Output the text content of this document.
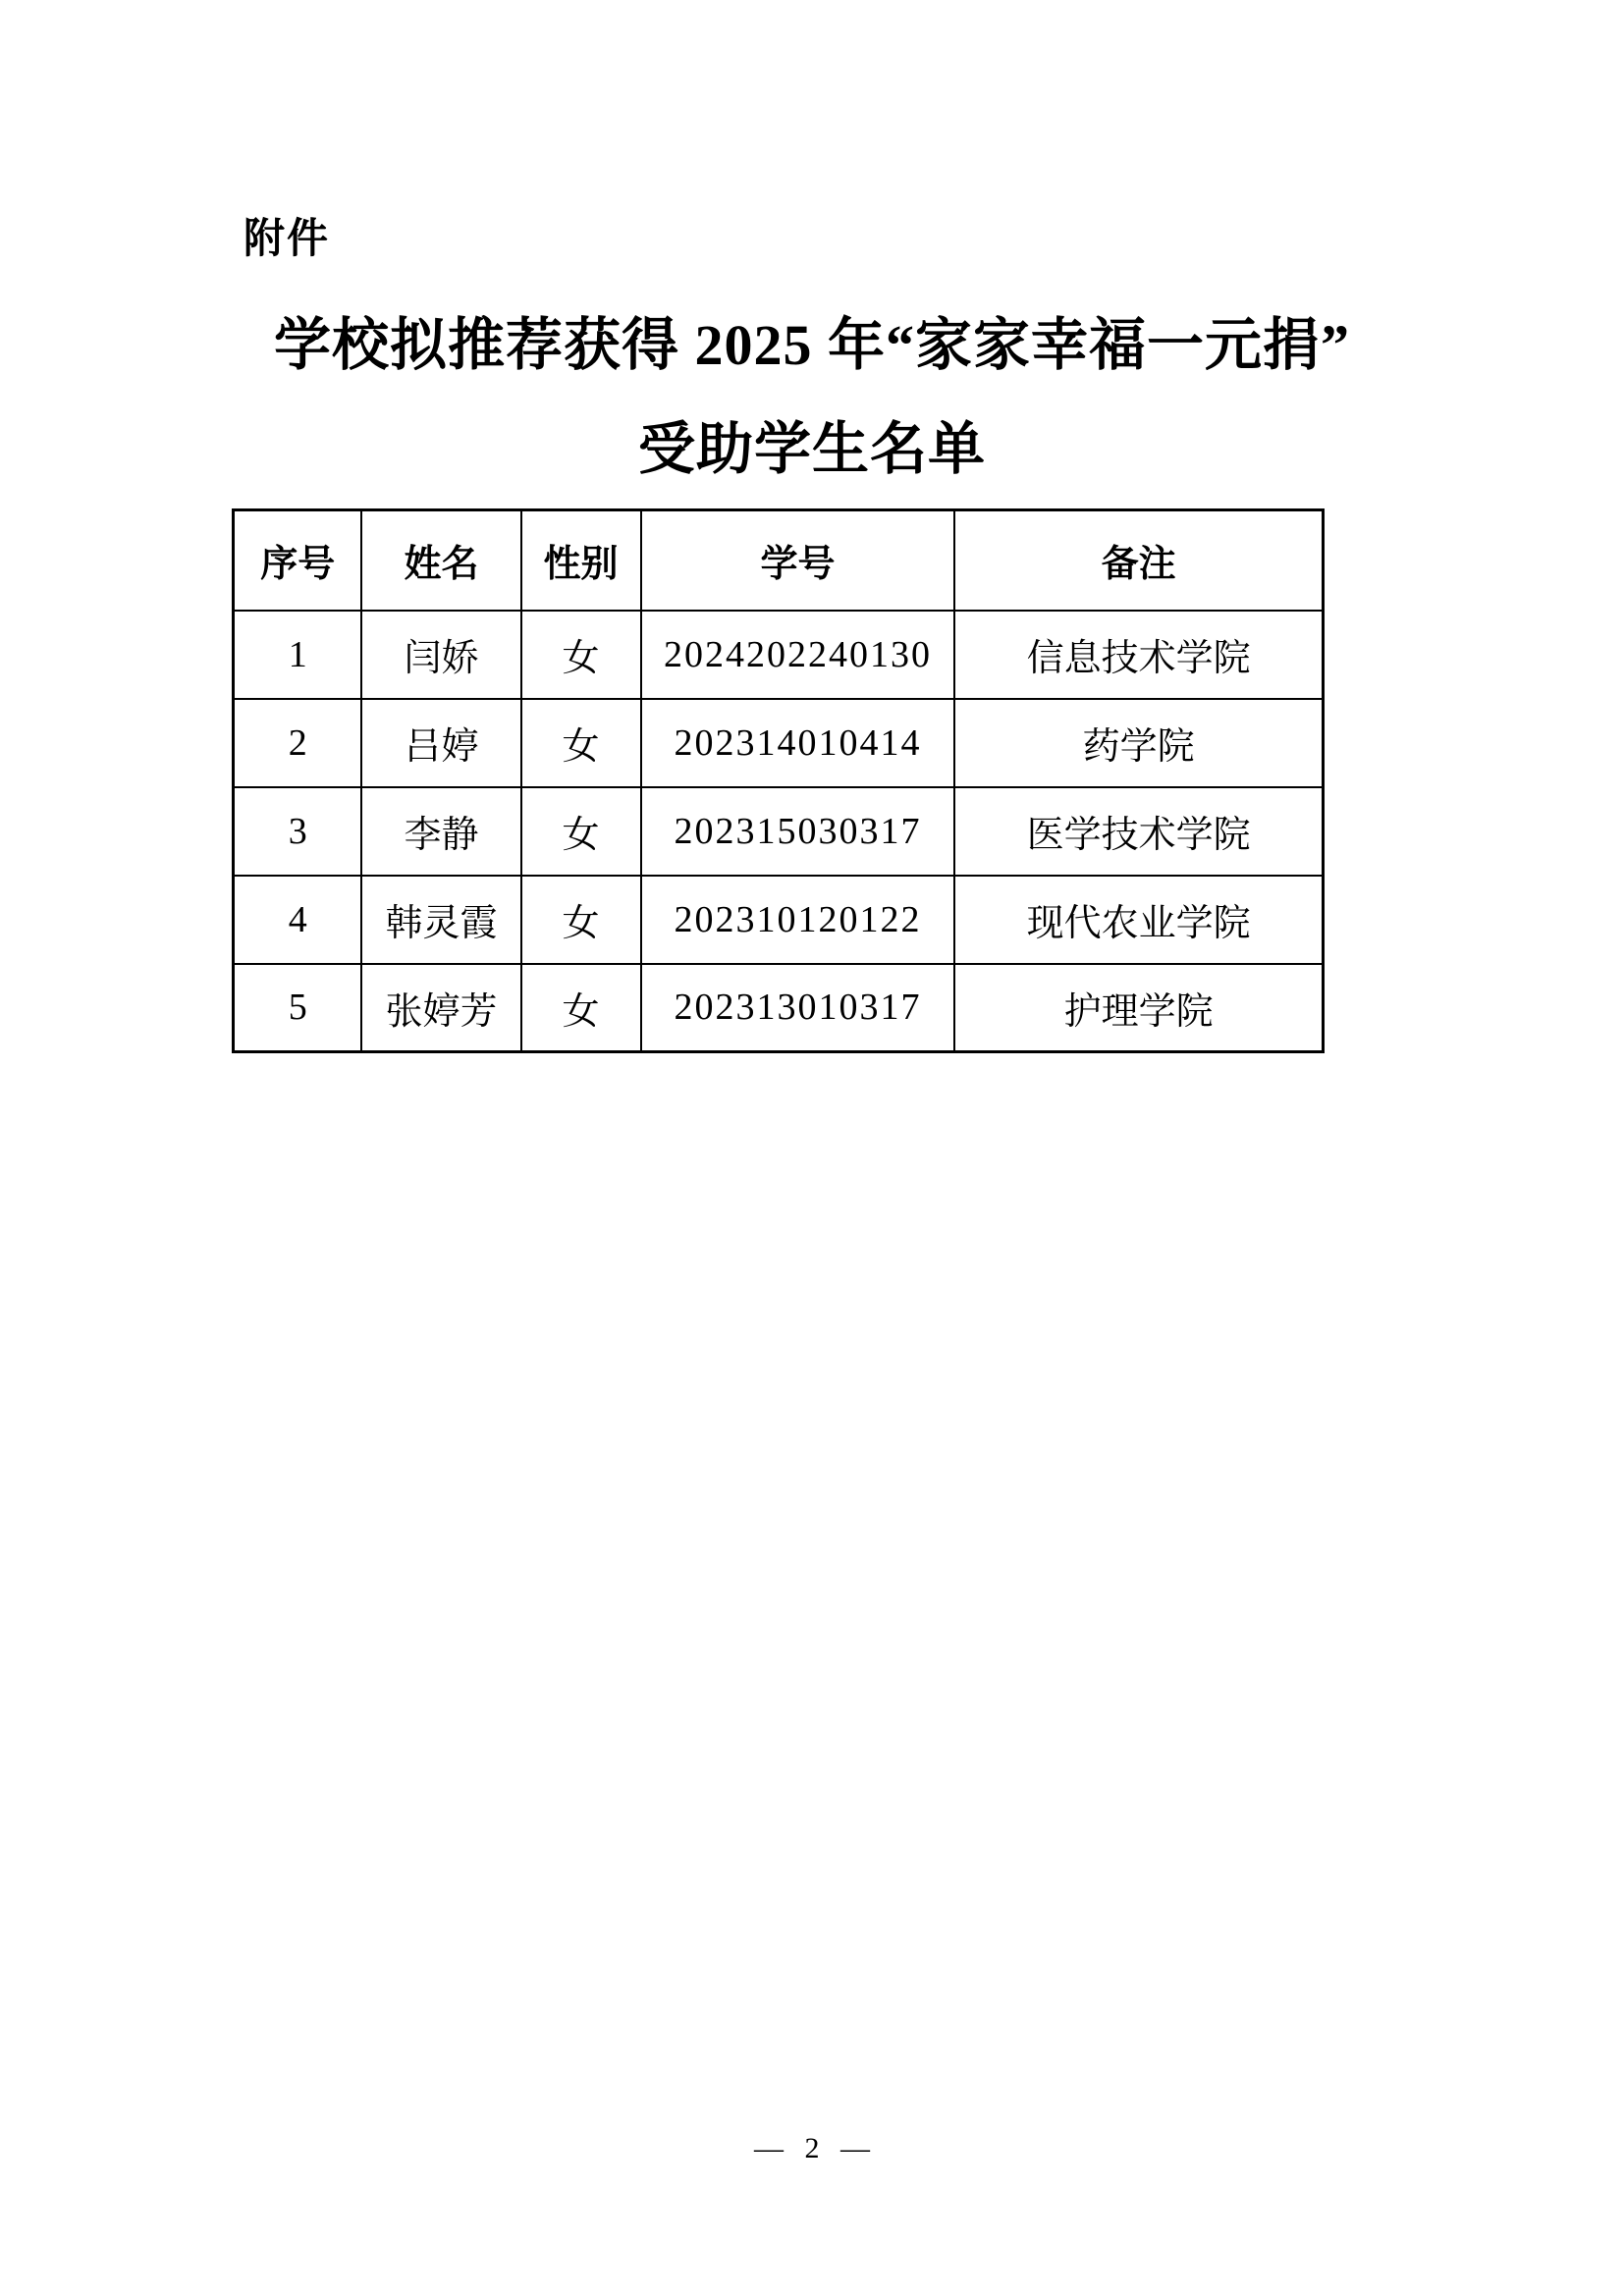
附件
学校拟推荐获得 2025 年“家家幸福一元捐”
受助学生名单
序号	姓名	性别	学号	备注
1	闫娇	女	2024202240130	信息技术学院
2	吕婷	女	202314010414	药学院
3	李静	女	202315030317	医学技术学院
4	韩灵霞	女	202310120122	现代农业学院
5	张婷芳	女	202313010317	护理学院
— 2 —
